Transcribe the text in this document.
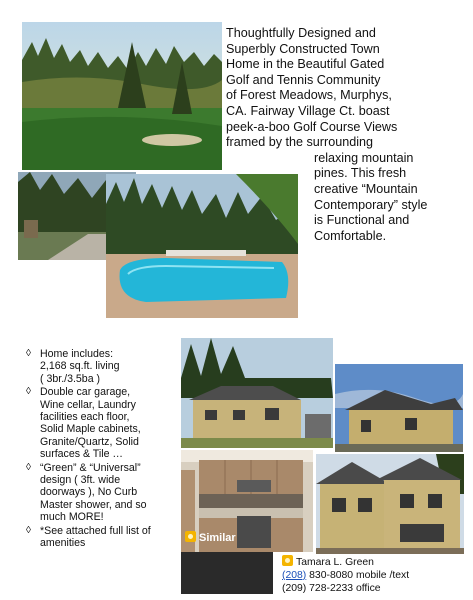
Similar
Thoughtfully Designed and
Superbly Constructed Town
Home in the Beautiful Gated
Golf and Tennis Community
of Forest Meadows, Murphys,
CA. Fairway Village Ct. boast
peek-a-boo Golf Course Views
framed by the surrounding
relaxing mountain
pines. This fresh
creative “Mountain
Contemporary” style
is Functional and
Comfortable.
◊ Home includes:
2,168 sq.ft. living
( 3br./3.5ba )
◊ Double car garage,
Wine cellar, Laundry
facilities each floor,
Solid Maple cabinets,
Granite/Quartz, Solid
surfaces & Tile …
◊ “Green” & “Universal”
design ( 3ft. wide
doorways ), No Curb
Master shower, and so
much MORE!
◊ *See attached full list of
amenities
Tamara L. Green
(208) 830-8080 mobile /text
(209) 728-2233 office
